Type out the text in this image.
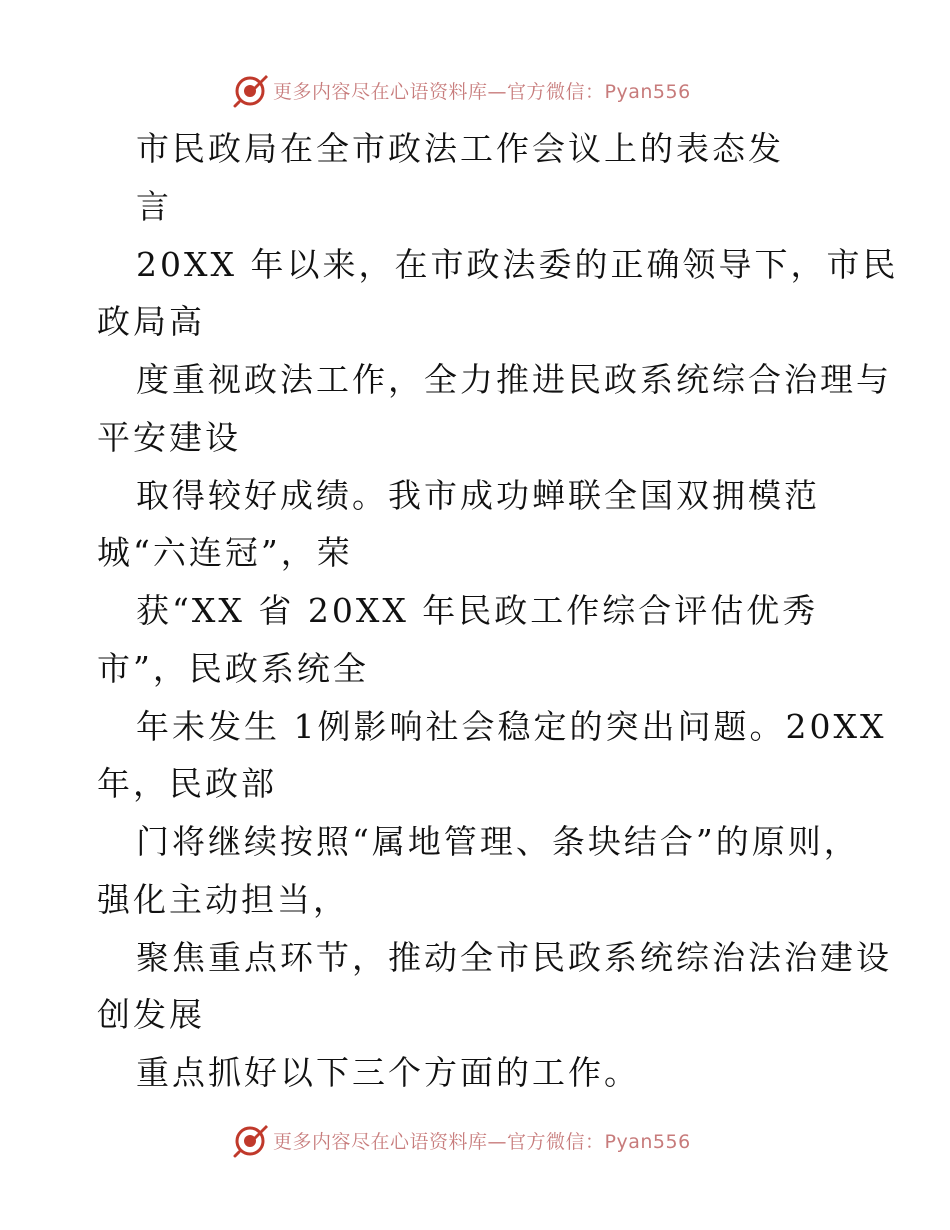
更多内容尽在心语资料库—官方微信：Pyan556
市民政局在全市政法工作会议上的表态发
言
20XX 年以来，在市政法委的正确领导下，市民
政局高
度重视政法工作，全力推进民政系统综合治理与
平安建设
取得较好成绩。我市成功蝉联全国双拥模范
城“六连冠”，荣
获“XX 省 20XX 年民政工作综合评估优秀
市”，民政系统全
年未发生 1例影响社会稳定的突出问题。20XX
年，民政部
门将继续按照“属地管理、条块结合”的原则，
强化主动担当，
聚焦重点环节，推动全市民政系统综治法治建设
创发展
重点抓好以下三个方面的工作。
更多内容尽在心语资料库—官方微信：Pyan556
